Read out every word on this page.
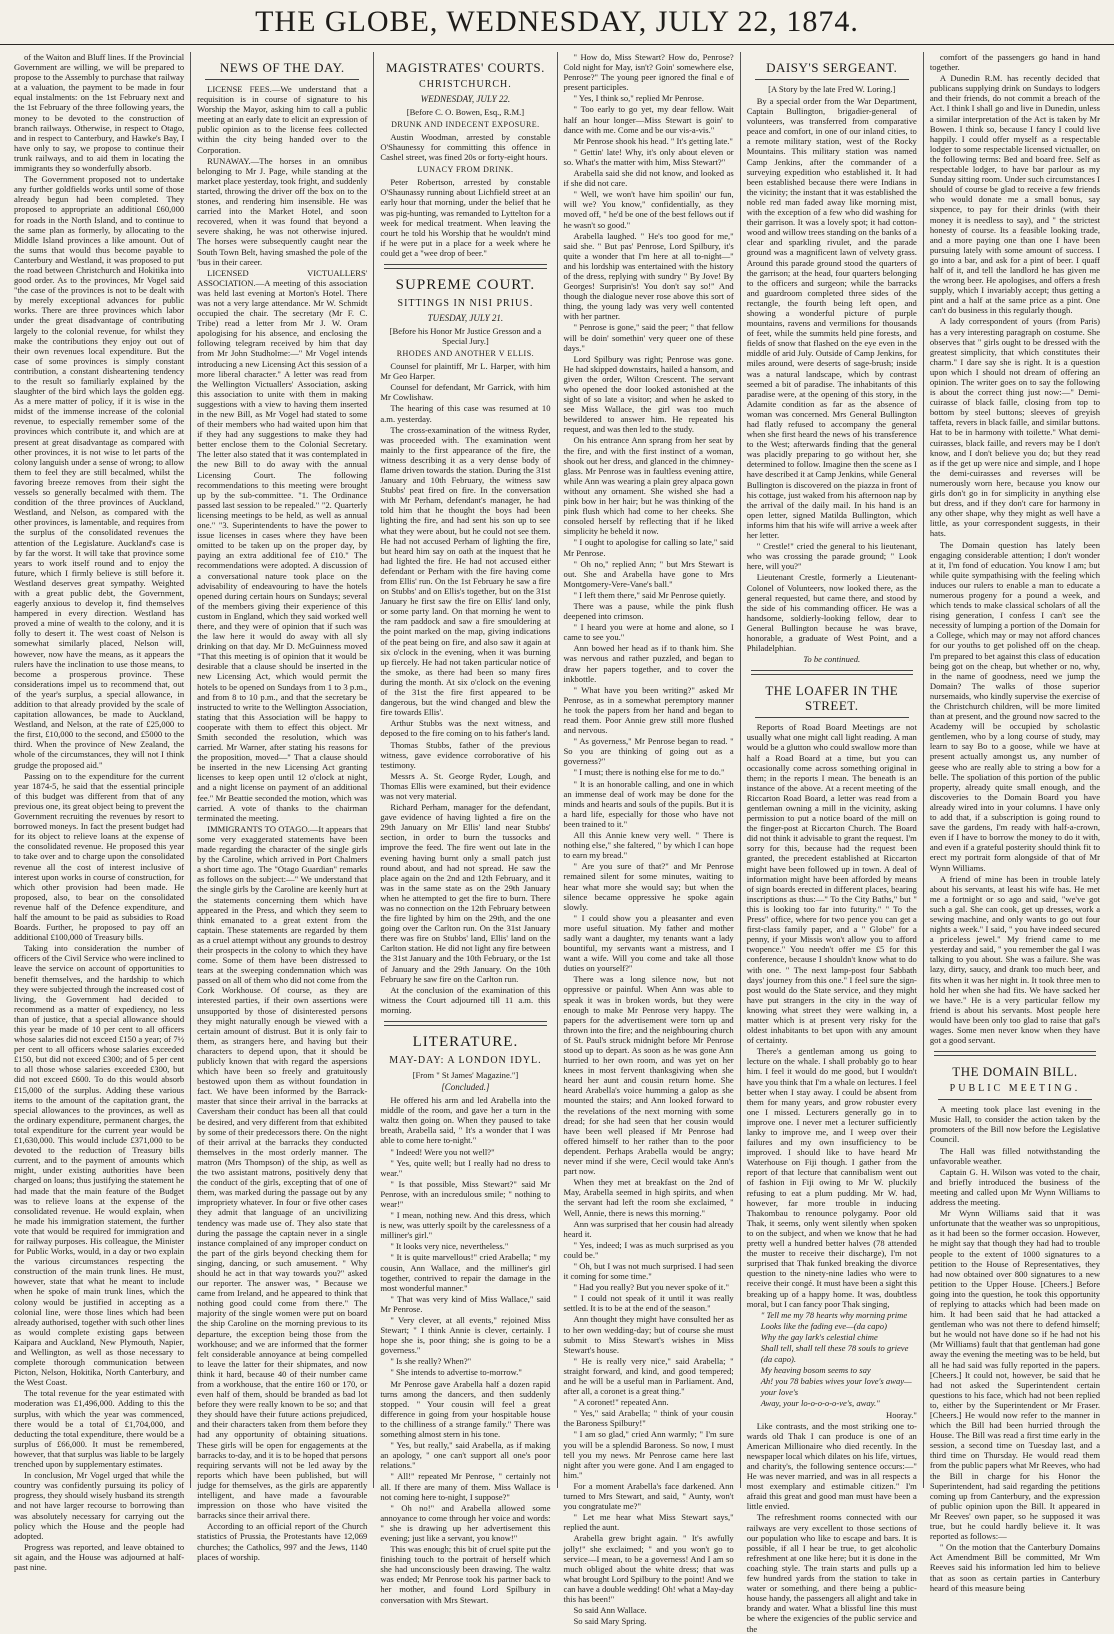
THE GLOBE, WEDNESDAY, JULY 22, 1874.

of the Waiton and Bluff lines. If the Provincial Government are willing, we will be prepared to propose to the Assembly to purchase that railway at a valuation, the payment to be made in four equal instalments: on the 1st February next and the 1st February of the three following years, the money to be devoted to the construction of branch railways. Otherwise, in respect to Otago, and in respect to Canterbury, and Hawke's Bay, I have only to say, we propose to continue their trunk railways, and to aid them in locating the immigrants they so wonderfully absorb.

The Government proposed not to undertake any further goldfields works until some of those already begun had been completed. They proposed to appropriate an additional £60,000 for roads in the North Island, and to continue to the same plan as formerly, by allocating to the Middle Island provinces a like amount. Out of the sums that would thus become payable to Canterbury and Westland, it was proposed to put the road between Christchurch and Hokitika into good order. As to the provinces, Mr Vogel said "the case of the provinces is not to be dealt with by merely exceptional advances for public works. There are three provinces which labor under the great disadvantage of contributing largely to the colonial revenue, for whilst they make the contributions they enjoy out out of their own revenues local expenditure. But the case of some provinces is simply constant contribution, a constant disheartening tendency to the result so familiarly explained by the slaughter of the bird which lays the golden egg. As a mere matter of policy, if it is wise in the midst of the immense increase of the colonial revenue, to especially remember some of the provinces which contribute it, and which are at present at great disadvantage as compared with other provinces, it is not wise to let parts of the colony languish under a sense of wrong; to allow them to feel they are still becalmed, whilst the favoring breeze removes from their sight the vessels so generally becalmed with them. The condition of the three provinces of Auckland, Westland, and Nelson, as compared with the other provinces, is lamentable, and requires from the surplus of the consolidated revenues the attention of the Legislature. Auckland's case is by far the worst. It will take that province some years to work itself round and to enjoy the future, which I firmly believe is still before it. Westland deserves great sympathy. Weighted with a great public debt, the Government, eagerly anxious to develop it, find themselves hampered in every direction. Westland has proved a mine of wealth to the colony, and it is folly to desert it. The west coast of Nelson is somewhat similarly placed, Nelson will, however, now have the means, as it appears the rulers have the inclination to use those means, to become a prosperous province. These considerations impel us to recommend that, out of the year's surplus, a special allowance, in addition to that already provided by the scale of capitation allowances, be made to Auckland, Westland, and Nelson, at the rate of £25,000 to the first, £10,000 to the second, and £5000 to the third. When the province of New Zealand, the whole of the circumstances, they will not I think grudge the proposed aid."

Passing on to the expenditure for the current year 1874-5, he said that the essential principle of this budget was different from that of any previous one, its great object being to prevent the Government recruiting the revenues by resort to borrowed moneys. In fact the present budget had for its object to relieve loans at the expense of the consolidated revenue. He proposed this year to take over and to charge upon the consolidated revenue all the cost of interest inclusive of interest upon works in course of construction, for which other provision had been made. He proposed, also, to bear on the consolidated revenue half of the Defence expenditure, and half the amount to be paid as subsidies to Road Boards. Further, he proposed to pay off an additional £100,000 of Treasury bills.

Taking into consideration the number of officers of the Civil Service who were inclined to leave the service on account of opportunities to benefit themselves, and the hardship to which they were subjected through the increased cost of living, the Government had decided to recommend as a matter of expediency, no less than of justice, that a special allowance should this year be made of 10 per cent to all officers whose salaries did not exceed £150 a year; of 7½ per cent to all officers whose salaries exceeded £150, but did not exceed £300; and of 5 per cent to all those whose salaries exceeded £300, but did not exceed £600. To do this would absorb £15,000 of the surplus. Adding these various items to the amount of the capitation grant, the special allowances to the provinces, as well as the ordinary expenditure, permanent charges, the total expenditure for the current year would be £1,630,000. This would include £371,000 to be devoted to the reduction of Treasury bills current, and to the payment of amounts which might, under existing authorities have been charged on loans; thus justifying the statement he had made that the main feature of the Budget was to relieve loans at the expense of the consolidated revenue. He would explain, when he made his immigration statement, the further vote that would be required for immigration and for railway purposes. His colleague, the Minister for Public Works, would, in a day or two explain the various circumstances respecting the construction of the main trunk lines. He must, however, state that what he meant to include when he spoke of main trunk lines, which the colony would be justified in accepting as a colonial line, were those lines which had been already authorised, together with such other lines as would complete existing gaps between Kaipara and Auckland, New Plymouth, Napier, and Wellington, as well as those necessary to complete thorough communication between Picton, Nelson, Hokitika, North Canterbury, and the West Coast.

The total revenue for the year estimated with moderation was £1,496,000. Adding to this the surplus, with which the year was commenced, there would be a total of £1,704,000, and deducting the total expenditure, there would be a surplus of £66,000. It must be remembered, however, that that surplus was liable to be largely trenched upon by supplementary estimates.

In conclusion, Mr Vogel urged that while the country was confidently pursuing its policy of progress, they should wisely husband its strength and not have larger recourse to borrowing than was absolutely necessary for carrying out the policy which the House and the people had adopted.

Progress was reported, and leave obtained to sit again, and the House was adjourned at half-past nine.

NEWS OF THE DAY.

LICENSE FEES.—We understand that a requisition is in course of signature to his Worship the Mayor, asking him to call a public meeting at an early date to elicit an expression of public opinion as to the license fees collected within the city being handed over to the Corporation.

RUNAWAY.—The horses in an omnibus belonging to Mr J. Page, while standing at the market place yesterday, took fright, and suddenly started, throwing the driver off the box on to the stones, and rendering him insensible. He was carried into the Market Hotel, and soon recovered, when it was found that beyond a severe shaking, he was not otherwise injured. The horses were subsequently caught near the South Town Belt, having smashed the pole of the 'bus in their career.

LICENSED VICTUALLERS' ASSOCIATION.—A meeting of this association was held last evening at Morton's Hotel. There was not a very large attendance. Mr W. Schmidt occupied the chair. The secretary (Mr F. C. Tribe) read a letter from Mr J. W. Oram apologising for his absence, and enclosing the following telegram received by him that day from Mr John Studholme:—" Mr Vogel intends introducing a new Licensing Act this session of a more liberal character." A letter was read from the Wellington Victuallers' Association, asking this association to unite with them in making suggestions with a view to having them inserted in the new Bill, as Mr Vogel had stated to some of their members who had waited upon him that if they had any suggestions to make they had better enclose them to the Colonial Secretary. The letter also stated that it was contemplated in the new Bill to do away with the annual Licensing Court. The following recommendations to this meeting were brought up by the sub-committee. "1. The Ordinance passed last session to be repealed." "2. Quarterly licensing meetings to be held, as well as annual one." "3. Superintendents to have the power to issue licenses in cases where they have been omitted to be taken up on the proper day, by paying an extra additional fee of £10." The recommendations were adopted. A discussion of a conversational nature took place on the advisability of endeavouring to have the hotels opened during certain hours on Sundays; several of the members giving their experience of this custom in England, which they said worked well there, and they were of opinion that if such was the law here it would do away with all sly drinking on that day. Mr D. McGuinness moved "That this meeting is of opinion that it would be desirable that a clause should be inserted in the new Licensing Act, which would permit the hotels to be opened on Sundays from 1 to 3 p.m., and from 8 to 10 p.m., and that the secretary be instructed to write to the Wellington Association, stating that this Association will be happy to cooperate with them to effect this object. Mr Smith seconded the resolution, which was carried. Mr Warner, after stating his reasons for the proposition, moved—" That a clause should be inserted in the new Licensing Act granting licenses to keep open until 12 o'clock at night, and a night license on payment of an additional fee." Mr Beattie seconded the motion, which was carried. A vote of thanks to the chairman terminated the meeting.

IMMIGRANTS TO OTAGO.—It appears that some very exaggerated statements have been made regarding the character of the single girls by the Caroline, which arrived in Port Chalmers a short time ago. The "Otago Guardian" remarks as follows on the subject:—" We understand that the single girls by the Caroline are keenly hurt at the statements concerning them which have appeared in the Press, and which they seem to think emanated to a great extent from the captain. These statements are regarded by them as a cruel attempt without any grounds to destroy their prospects in the colony to which they have come. Some of them have been distressed to tears at the sweeping condemnation which was passed on all of them who did not come from the Cork Workhouse. Of course, as they are interested parties, if their own assertions were unsupported by those of disinterested persons they might naturally enough be viewed with a certain amount of distrust. But it is only fair to them, as strangers here, and having but their characters to depend upon, that it should be publicly known that with regard the aspersions which have been so freely and gratuitously bestowed upon them as without foundation in fact. We have been informed by the Barrack-master that since their arrival in the barracks at Caversham their conduct has been all that could be desired, and very different from that exhibited by some of their predecessors there. On the night of their arrival at the barracks they conducted themselves in the most orderly manner. The matron (Mrs Thompson) of the ship, as well as the two assistant matrons, positively deny that the conduct of the girls, excepting that of one of them, was marked during the passage out by any impropriety whatever. In four or five other cases they admit that language of an uncivilizing tendency was made use of. They also state that during the passage the captain never in a single instance complained of any improper conduct on the part of the girls beyond checking them for singing, dancing, or such amusement. " Why should he act in that way towards you?" asked our reporter. The answer was, " Because we came from Ireland, and he appeared to think that nothing good could come from there." The majority of the single women were put on board the ship Caroline on the morning previous to its departure, the exception being those from the workhouse; and we are informed that the former felt considerable annoyance at being compelled to leave the latter for their shipmates, and now think it hard, because 40 of their number came from a workhouse, that the entire 160 or 170, or even half of them, should be branded as bad lot before they were really known to be so; and that they should have their future actions prejudiced, and their characters taken from them before they had any opportunity of obtaining situations. These girls will be open for engagements at the barracks to-day, and it is to be hoped that persons requiring servants will not be led away by the reports which have been published, but will judge for themselves, as the girls are apparently intelligent, and have made a favourable impression on those who have visited the barracks since their arrival there.

According to an official report of the Church statistics of Prussia, the Protestants have 12,069 churches; the Catholics, 997 and the Jews, 1140 places of worship.

MAGISTRATES' COURTS.
CHRISTCHURCH.
WEDNESDAY, JULY 22.
[Before C. O. Bowen, Esq., R.M.]
DRUNK AND INDECENT EXPOSURE.

Austin Woodman, arrested by constable O'Shaunessy for committing this offence in Cashel street, was fined 20s or forty-eight hours.

LUNACY FROM DRINK.

Peter Robertson, arrested by constable O'Shaunassy running about Lichfield street at an early hour that morning, under the belief that he was pig-hunting, was remanded to Lyttelton for a week for medical treatment. When leaving the court he told his Worship that he wouldn't mind if he were put in a place for a week where he could get a "wee drop of beer."

SUPREME COURT.
SITTINGS IN NISI PRIUS.
TUESDAY, JULY 21.
[Before his Honor Mr Justice Gresson and a Special Jury.]
RHODES AND ANOTHER V ELLIS.

Counsel for plaintiff, Mr L. Harper, with him Mr Geo Harper.

Counsel for defendant, Mr Garrick, with him Mr Cowlishaw.

The hearing of this case was resumed at 10 a.m. yesterday.

The cross-examination of the witness Ryder, was proceeded with. The examination went mainly to the first appearance of the fire, the witness describing it as a very dense body of flame driven towards the station. During the 31st January and 10th February, the witness saw Stubbs' peat fired on fire. In the conversation with Mr Perham, defendant's manager, he had told him that he thought the boys had been lighting the fire, and had sent his son up to see what they were about, but he could not see them. He had not accused Perham of lighting the fire, but heard him say on oath at the inquest that he had lighted the fire. He had not accused either defendant or Perham with the fire having come from Ellis' run. On the 1st February he saw a fire on Stubbs' and on Ellis's together, but on the 31st January he first saw the fire on Ellis' land only, or some party land. On that morning he went to the ram paddock and saw a fire smouldering at the point marked on the map, giving indications of the peat being on fire, and also saw it again at six o'clock in the evening, when it was burning up fiercely. He had not taken particular notice of the smoke, as there had been so many fires during the month. At six o'clock on the evening of the 31st the fire first appeared to be dangerous, but the wind changed and blew the fire towards Ellis'.

Arthur Stubbs was the next witness, and deposed to the fire coming on to his father's land.

Thomas Stubbs, father of the previous witness, gave evidence corroborative of his testimony.

Messrs A. St. George Ryder, Lough, and Thomas Ellis were examined, but their evidence was not very material.

Richard Perham, manager for the defendant, gave evidence of having lighted a fire on the 29th January on Mr Ellis' land near Stubbs' section, in order to burn the tussocks and improve the feed. The fire went out late in the evening having burnt only a small patch just round about, and had not spread. He saw the place again on the 2nd and 12th February, and it was in the same state as on the 29th January when he attempted to get the fire to burn. There was no connection on the 12th February between the fire lighted by him on the 29th, and the one going over the Carlton run. On the 31st January there was fire on Stubbs' land, Ellis' land on the Carlton station. He did not light any fire between the 31st January and the 10th February, or the 1st of January and the 29th January. On the 10th February he saw fire on the Carlton run.

At the conclusion of the examination of this witness the Court adjourned till 11 a.m. this morning.

LITERATURE.
MAY-DAY: A LONDON IDYL.
[From " St James' Magazine."]
[Concluded.]

He offered his arm and led Arabella into the middle of the room, and gave her a turn in the waltz then going on. When they paused to take breath, Arabella said, " It's a wonder that I was able to come here to-night."

" Indeed! Were you not well?"

" Yes, quite well; but I really had no dress to wear."

" Is that possible, Miss Stewart?" said Mr Penrose, with an incredulous smile; " nothing to wear!"

" I mean, nothing new. And this dress, which is new, was utterly spoilt by the carelessness of a milliner's girl."

" It looks very nice, nevertheless."

" It is quite marvellous!" cried Arabella; " my cousin, Ann Wallace, and the milliner's girl together, contrived to repair the damage in the most wonderful manner."

" That was very kind of Miss Wallace," said Mr Penrose.

" Very clever, at all events," rejoined Miss Stewart; " I think Annie is clever, certainly. I hope she is, poor thing; she is going to be a governess."

" Is she really? When?"

" She intends to advertise to-morrow."

Mr Penrose gave Arabella half a dozen rapid turns among the dancers, and then suddenly stopped. " Your cousin will feel a great difference in going from your hospitable house to the chilliness of a strange family." There was something almost stern in his tone.

" Yes, but really," said Arabella, as if making an apology, " one can't support all one's poor relations."

" All!" repeated Mr Penrose, " certainly not all. If there are many of them. Miss Wallace is not coming here to-night, I suppose?"

" Oh no!" and Arabella allowed some annoyance to come through her voice and words: " she is drawing up her advertisement this evening; just like a servant, you know!"

This was enough; this bit of cruel spite put the finishing touch to the portrait of herself which she had unconsciously been drawing. The waltz was ended; Mr Penrose took his partner back to her mother, and found Lord Spilbury in conversation with Mrs Stewart.

" How do, Miss Stewart? How do, Penrose? Cold night for May, isn't? Goin' somewhere else, Penrose?" The young peer ignored the final e of present participles.

" Yes, I think so," replied Mr Penrose.

" Too early to go yet, my dear fellow. Wait half an hour longer—Miss Stewart is goin' to dance with me. Come and be our vis-a-vis."

Mr Penrose shook his head. " It's getting late."

" Gettin' late! Why, it's only about eleven or so. What's the matter with him, Miss Stewart?"

Arabella said she did not know, and looked as if she did not care.

" Well, we won't have him spoilin' our fun, will we? You know," confidentially, as they moved off, " he'd be one of the best fellows out if he wasn't so good."

Arabella laughed. " He's too good for me," said she. " But pas' Penrose, Lord Spilbury, it's quite a wonder that I'm here at all to-night—" and his lordship was entertained with the history of the dress, replying with sundry " By Jove! By Georges! Surprisin's! You don't say so!" And though the dialogue never rose above this sort of thing, the young lady was very well contented with her partner.

" Penrose is gone," said the peer; " that fellow will be doin' somethin' very queer one of these days."

Lord Spilbury was right; Penrose was gone. He had skipped downstairs, hailed a hansom, and given the order, Wilton Crescent. The servant who opened the door looked astonished at the sight of so late a visitor; and when he asked to see Miss Wallace, the girl was too much bewildered to answer him. He repeated his request, and was then led to the study.

On his entrance Ann sprang from her seat by the fire, and with the first instinct of a woman, shook out her dress, and glanced in the chimney-glass. Mr Penrose was in faultless evening attire, while Ann was wearing a plain grey alpaca gown without any ornament. She wished she had a pink bow in her hair; but he was thinking of the pink flush which had come to her cheeks. She consoled herself by reflecting that if he liked simplicity he beheld it now.

" I ought to apologise for calling so late," said Mr Penrose.

" Oh no," replied Ann; " but Mrs Stewart is out. She and Arabella have gone to Mrs Montgomery-Vere-Vane's ball."

" I left them there," said Mr Penrose quietly.

There was a pause, while the pink flush deepened into crimson.

" I heard you were at home and alone, so I came to see you."

Ann bowed her head as if to thank him. She was nervous and rather puzzled, and began to draw her papers together, and to cover the inkbottle.

" What have you been writing?" asked Mr Penrose, as in a somewhat peremptory manner he took the papers from her hand and began to read them. Poor Annie grew still more flushed and nervous.

" As governess," Mr Penrose began to read. " So you are thinking of going out as a governess?"

" I must; there is nothing else for me to do."

" It is an honorable calling, and one in which an immense deal of work may be done for the minds and hearts and souls of the pupils. But it is a hard life, especially for those who have not been trained to it."

All this Annie knew very well. " There is nothing else," she faltered, " by which I can hope to earn my bread."

" Are you sure of that?" and Mr Penrose remained silent for some minutes, waiting to hear what more she would say; but when the silence became oppressive he spoke again slowly.

" I could show you a pleasanter and even more useful situation. My father and mother sadly want a daughter, my tenants want a lady bountiful, my servants want a mistress, and I want a wife. Will you come and take all those duties on yourself?"

There was a long silence now, but not oppressive or painful. When Ann was able to speak it was in broken words, but they were enough to make Mr Penrose very happy. The papers for the advertisement were torn up and thrown into the fire; and the neighbouring church of St. Paul's struck midnight before Mr Penrose stood up to depart. As soon as he was gone Ann hurried to her own room, and was yet on her knees in most fervent thanksgiving when she heard her aunt and cousin return home. She heard Arabella's voice humming a galop as she mounted the stairs; and Ann looked forward to the revelations of the next morning with some dread; for she had seen that her cousin would have been well pleased if Mr Penrose had offered himself to her rather than to the poor dependent. Perhaps Arabella would be angry; never mind if she were, Cecil would take Ann's part now.

When they met at breakfast on the 2nd of May, Arabella seemed in high spirits, and when the servant had left the room she exclaimed, " Well, Annie, there is news this morning."

Ann was surprised that her cousin had already heard it.

" Yes, indeed; I was as much surprised as you could be."

" Oh, but I was not much surprised. I had seen it coming for some time."

" Had you really? But you never spoke of it."

" I could not speak of it until it was really settled. It is to be at the end of the season."

Ann thought they might have consulted her as to her own wedding-day; but of course she must submit to Miss Stewart's wishes in Miss Stewart's house.

" He is really very nice," said Arabella; " straight forward, and kind, and good tempered; and he will be a useful man in Parliament. And, after all, a coronet is a great thing."

" A coronet!" repeated Ann.

" Yes," said Arabella; " think of your cousin the Baroness Spilbury!"

" I am so glad," cried Ann warmly; " I'm sure you will be a splendid Baroness. So now, I must tell you my news. Mr Penrose came here last night after you were gone. And I am engaged to him."

For a moment Arabella's face darkened. Ann turned to Mrs Stewart, and said, " Aunty, won't you congratulate me?"

" Let me hear what Miss Stewart says," replied the aunt.

Arabella grew bright again. " It's awfully jolly!" she exclaimed; " and you won't go to service—I mean, to be a governess! And I am so much obliged about the white dress; that was what brought Lord Spilbury to the point! And we can have a double wedding! Oh! what a May-day this has been!"

So said Ann Wallace.

So said Mary Spring.

DAISY'S SERGEANT.
[A Story by the late Fred W. Loring.]

By a special order from the War Department, Captain Bullington, brigadier-general of volunteers, was transferred from comparative peace and comfort, in one of our inland cities, to a remote military station, west of the Rocky Mountains. This military station was named Camp Jenkins, after the commander of a surveying expedition who established it. It had been established because there were Indians in the vicinity; the instant that it was established the noble red man faded away like morning mist, with the exception of a few who did washing for their garrison. It was a lovely spot; it had cotton-wood and willow trees standing on the banks of a clear and sparkling rivulet, and the parade ground was a magnificent lawn of velvety grass. Around this parade ground stood the quarters of the garrison; at the head, four quarters belonging to the officers and surgeon; while the barracks and guardroom completed three sides of the rectangle, the fourth being left open, and showing a wonderful picture of purple mountains, ravens and vermilions for thousands of feet, while the summits held pine forests, and fields of snow that flashed on the eye even in the middle of arid July. Outside of Camp Jenkins, for miles around, were deserts of sage-brush; inside was a natural landscape, which by contrast seemed a bit of paradise. The inhabitants of this paradise were, at the opening of this story, in the Adamite condition as far as the absence of woman was concerned. Mrs General Bullington had flatly refused to accompany the general when she first heard the news of his transference to the West; afterwards finding that the general was placidly preparing to go without her, she determined to follow. Imagine then the scene as I have described it at Camp Jenkins, while General Bullington is discovered on the piazza in front of his cottage, just waked from his afternoon nap by the arrival of the daily mail. In his hand is an open letter, signed Matilda Bullington, which informs him that his wife will arrive a week after her letter.

" Crestle!" cried the general to his lieutenant, who was crossing the parade ground; " Look here, will you?"

Lieutenant Crestle, formerly a Lieutenant-Colonel of Volunteers, now looked there, as the general requested, but came there, and stood by the side of his commanding officer. He was a handsome, soldierly-looking fellow, dear to General Bullington because he was brave, honorable, a graduate of West Point, and a Philadelphian.

To be continued.

THE LOAFER IN THE STREET.

Reports of Road Board Meetings are not usually what one might call light reading. A man would be a glutton who could swallow more than half a Road Board at a time, but you can occasionally come across something original in them; in the reports I mean. The beneath is an instance of the above. At a recent meeting of the Riccarton Road Board, a letter was read from a gentleman owning a mill in the vicinity, asking permission to put a notice board of the mill on the finger-post at Riccarton Church. The Board did not think it advisable to grant the request. I'm sorry for this, because had the request been granted, the precedent established at Riccarton might have been followed up in town. A deal of information might have been afforded by means of sign boards erected in different places, bearing inscriptions as thus:—" To the City Baths," but " this is looking too far into futurity." " To the Press" office, where for two pence you can get a first-class family paper, and a " Globe" for a penny, if your Missis won't allow you to afford twopence." You needn't offer me £5 for this conference, because I shouldn't know what to do with one. " The next lamp-post four Sabbath days' journey from this one." I feel sure the sign-post would do the State service, and they might have put strangers in the city in the way of knowing what street they were walking in, a matter which is at present very risky for the oldest inhabitants to bet upon with any amount of certainty.

There's a gentleman among us going to lecture on the whale. I shall probably go to hear him. I feel it would do me good, but I wouldn't have you think that I'm a whale on lectures. I feel better when I stay away. I could be absent from them for many years, and grow robuster every one I missed. Lecturers generally go in to improve one. I never met a lecturer sufficiently lanky to improve me, and I weep over their failures and my own insufficiency to be improved. I should like to have heard Mr Waterhouse on Fiji though. I gather from the report of that lecture that cannibalism went out of fashion in Fiji owing to Mr W. pluckily refusing to eat a plum pudding. Mr W. had, however, far more trouble in inducing Thakombau to renounce polygamy. Poor old Thak, it seems, only went silently when spoken to on the subject, and when we know that he had pretty well a hundred better halves (78 attended the muster to receive their discharge), I'm not surprised that Thak funked breaking the divorce question to the ninety-nine ladies who were to receive their congé. It must have been a sight this breaking up of a happy home. It was, doubtless moral, but I can fancy poor Thak singing,

" Tell me my 78 hearts why morning prime

Looks like the fading eve—(da capo)

Why the gay lark's celestial chime

Shall tell, shall tell these 78 souls to grieve

(da capo).

My heaving bosom seems to say

Ah! you 78 babies wives your love's away—

your love's

Away, your lo-o-o-o-o-ve's, away."

Hooray."

Like contrasts, and the most striking one to-wards old Thak I can produce is one of an American Millionaire who died recently. In the newspaper local which dilates on his life, virtues, and charity's, the following sentence occurs:—" He was never married, and was in all respects a most exemplary and estimable citizen." I'm afraid this great and good man must have been a little envied.

The refreshment rooms connected with our railways are very excellent to those sections of our population who like to escape and bars. It is possible, if all I hear be true, to get alcoholic refreshment at one like here; but it is done in the coaching style. The train starts and pulls up a few hundred yards from the station to take in water or something, and there being a public-house handy, the passengers all alight and take in brandy and water. What a blissful line this must be where the exigencies of the public service and the

comfort of the passengers go hand in hand together.

A Dunedin R.M. has recently decided that publicans supplying drink on Sundays to lodgers and their friends, do not commit a breach of the Act. I think I shall go and live in Dunedin, unless a similar interpretation of the Act is taken by Mr Bowen. I think so, because I fancy I could live happily. I could offer myself as a respectable lodger to some respectable licensed victualler, on the following terms: Bed and board free. Self as respectable lodger, to have bar parlour as my Sunday sitting room. Under such circumstances I should of course be glad to receive a few friends who would donate me a small bonus, say sixpence, to pay for their drinks (with their money it is needless to say), and " the strictest honesty of course. Its a feasible looking trade, and a more paying one than one I have been pursuing lately with some amount of success. I go into a bar, and ask for a pint of beer. I quaff half of it, and tell the landlord he has given me the wrong beer. He apologises, and offers a fresh supply, which I invariably accept; thus getting a pint and a half at the same price as a pint. One can't do business in this regularly though.

A lady correspondent of yours (from Paris) has a very interesting paragraph on costume. She observes that " girls ought to be dressed with the greatest simplicity, that which constitutes their charm." I dare say she is right. It is a question upon which I should not dream of offering an opinion. The writer goes on to say the following is about the correct thing just now:—" Demi-cuirasse of black faille, closing from top to bottom by steel buttons; sleeves of greyish taffeta, revers in black faille, and similar buttons. Hat to be in harmony with toilette." What demi-cuirasses, black faille, and revers may be I don't know, and I don't believe you do; but they read as if the get up were nice and simple, and I hope the demi-cuirasses and reverses will be numerously worn here, because you know our girls don't go in for simplicity in anything else but dress, and if they don't care for harmony in any other shape, why they might as well have a little, as your correspondent suggests, in their hats.

The Domain question has lately been engaging considerable attention; I don't wonder at it, I'm fond of education. You know I am; but while quite sympathising with the feeling which induces our rulers to enable a man to educate a numerous progeny for a pound a week, and which tends to make classical scholars of all the rising generation, I confess I can't see the necessity of lumping a portion of the Domain for a College, which may or may not afford chances for our youths to get polished off on the cheap. I'm prepared to bet against this class of education being got on the cheap, but whether or no, why, in the name of goodness, need we jump the Domain? The walks of those superior nursemaids, who kindly supervise the exercise of the Christchurch children, will be more limited than at present, and the ground now sacred to the Academy will be occupied by scholastic gentlemen, who by a long course of study, may learn to say Bo to a goose, while we have at present actually amongst us, any number of geese who are really able to string a bow for a belle. The spoliation of this portion of the public property, already quite small enough, and the discoveries to the Domain Board you have already wired into in your columns. I have only to add that, if a subscription is going round to save the gardens, I'm ready with half-a-crown, even if I have to borrow the money to do it with, and even if a grateful posterity should think fit to erect my portrait form alongside of that of Mr Wynn Williams.

A friend of mine has been in trouble lately about his servants, at least his wife has. He met me a fortnight or so ago and said, "we've got such a gal. She can cook, get up dresses, work a sewing machine, and only wants to go out four nights a week." I said, " you have indeed secured a priceless jewel." My friend came to me yesterday and said, " you remember the gal I was talking to you about. She was a failure. She was lazy, dirty, saucy, and drank too much beer, and fits when it was her night in. It took three men to hold her when she had fits. We have sacked her we have." He is a very particular fellow my friend is about his servants. Most people here would have been only too glad to raise that gal's wages. Some men never know when they have got a good servant.

THE DOMAIN BILL.
PUBLIC MEETING.

A meeting took place last evening in the Music Hall, to consider the action taken by the promoters of the Bill now before the Legislative Council.

The Hall was filled notwithstanding the unfavorable weather.

Captain G. H. Wilson was voted to the chair, and briefly introduced the business of the meeting and called upon Mr Wynn Williams to address the meeting.

Mr Wynn Williams said that it was unfortunate that the weather was so unpropitious, as it had been so the former occasion. However, he might say that though they had had to trouble people to the extent of 1000 signatures to a petition to the House of Representatives, they had now obtained over 800 signatures to a new petition to the Upper House. [Cheers.] Before going into the question, he took this opportunity of replying to attacks which had been made on him. It had been said that he had attacked a gentleman who was not there to defend himself; but he would not have done so if he had not his (Mr Williams) fault that that gentleman had gone away the evening the meeting was to be held, but all he had said was fully reported in the papers. [Cheers.] It could not, however, be said that he had not asked the Superintendent certain questions to his face, which had not been replied to, either by the Superintendent or Mr Fraser. [Cheers.] He would now refer to the manner in which the Bill had been hurried through the House. The Bill was read a first time early in the session, a second time on Tuesday last, and a third time on Thursday. He would read them from the public papers what Mr Reeves, who had the Bill in charge for his Honor the Superintendent, had said regarding the petitions coming up from Canterbury, and the expression of public opinion upon the Bill. It appeared in Mr Reeves' own paper, so he supposed it was true, but he could hardly believe it. It was reported as follows:—

" On the motion that the Canterbury Domains Act Amendment Bill be committed, Mr Wm Reeves said his information led him to believe that as soon as certain parties in Canterbury heard of this measure being
